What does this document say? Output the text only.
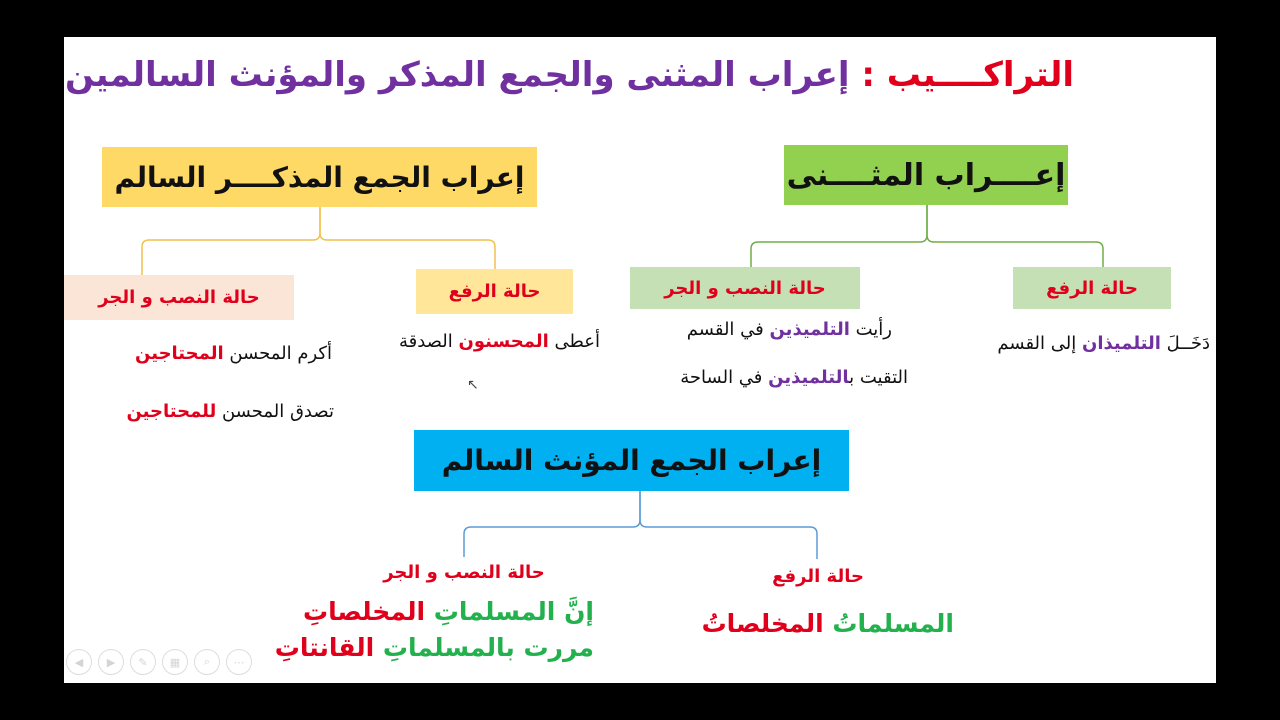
التراكــــيب : إعراب المثنى والجمع المذكر والمؤنث السالمين
إعــــراب المثــــنى
حالة النصب و الجر	حالة الرفع
دَخَــلَ التلميذان إلى القسم
رأيت التلميذين في القسم
التقيت بالتلميذين في الساحة
إعراب الجمع المذكــــر السالم
حالة النصب و الجر	حالة الرفع
أعطى المحسنون الصدقة
أكرم المحسن المحتاجين
تصدق المحسن للمحتاجين
إعراب الجمع المؤنث السالم
حالة النصب و الجر	حالة الرفع
المسلماتُ المخلصاتُ
إنَّ المسلماتِ المخلصاتِ
مررت بالمسلماتِ القانتاتِ
↖
◀	▶	✎	▦	⌕	⋯
